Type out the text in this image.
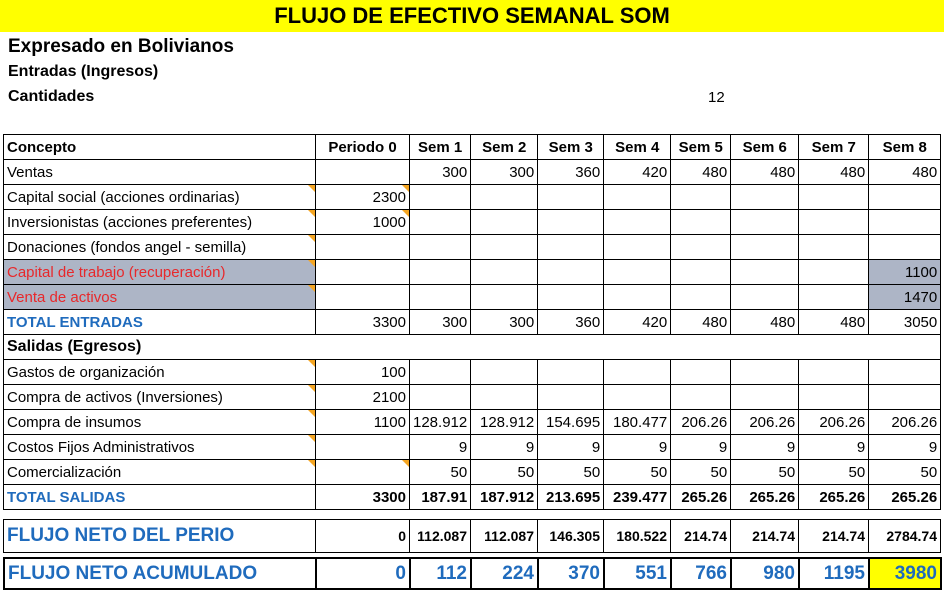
FLUJO DE EFECTIVO SEMANAL SOM
Expresado en Bolivianos
Entradas (Ingresos)
Cantidades	12
Concepto	Periodo 0	Sem 1	Sem 2	Sem 3	Sem 4	Sem 5	Sem 6	Sem 7	Sem 8
Ventas		300	300	360	420	480	480	480	480
Capital social (acciones ordinarias)	2300								
Inversionistas (acciones preferentes)	1000								
Donaciones (fondos angel - semilla)									
Capital de trabajo (recuperación)									1100
Venta de activos									1470
TOTAL ENTRADAS	3300	300	300	360	420	480	480	480	3050
Salidas (Egresos)									
Gastos de organización	100								
Compra de activos (Inversiones)	2100								
Compra de insumos	1100	128.912	128.912	154.695	180.477	206.26	206.26	206.26	206.26
Costos Fijos Administrativos		9	9	9	9	9	9	9	9
Comercialización		50	50	50	50	50	50	50	50
TOTAL SALIDAS	3300	187.91	187.912	213.695	239.477	265.26	265.26	265.26	265.26
FLUJO NETO DEL PERIO	0	112.087	112.087	146.305	180.522	214.74	214.74	214.74	2784.74
FLUJO NETO ACUMULADO	0	112	224	370	551	766	980	1195	3980
